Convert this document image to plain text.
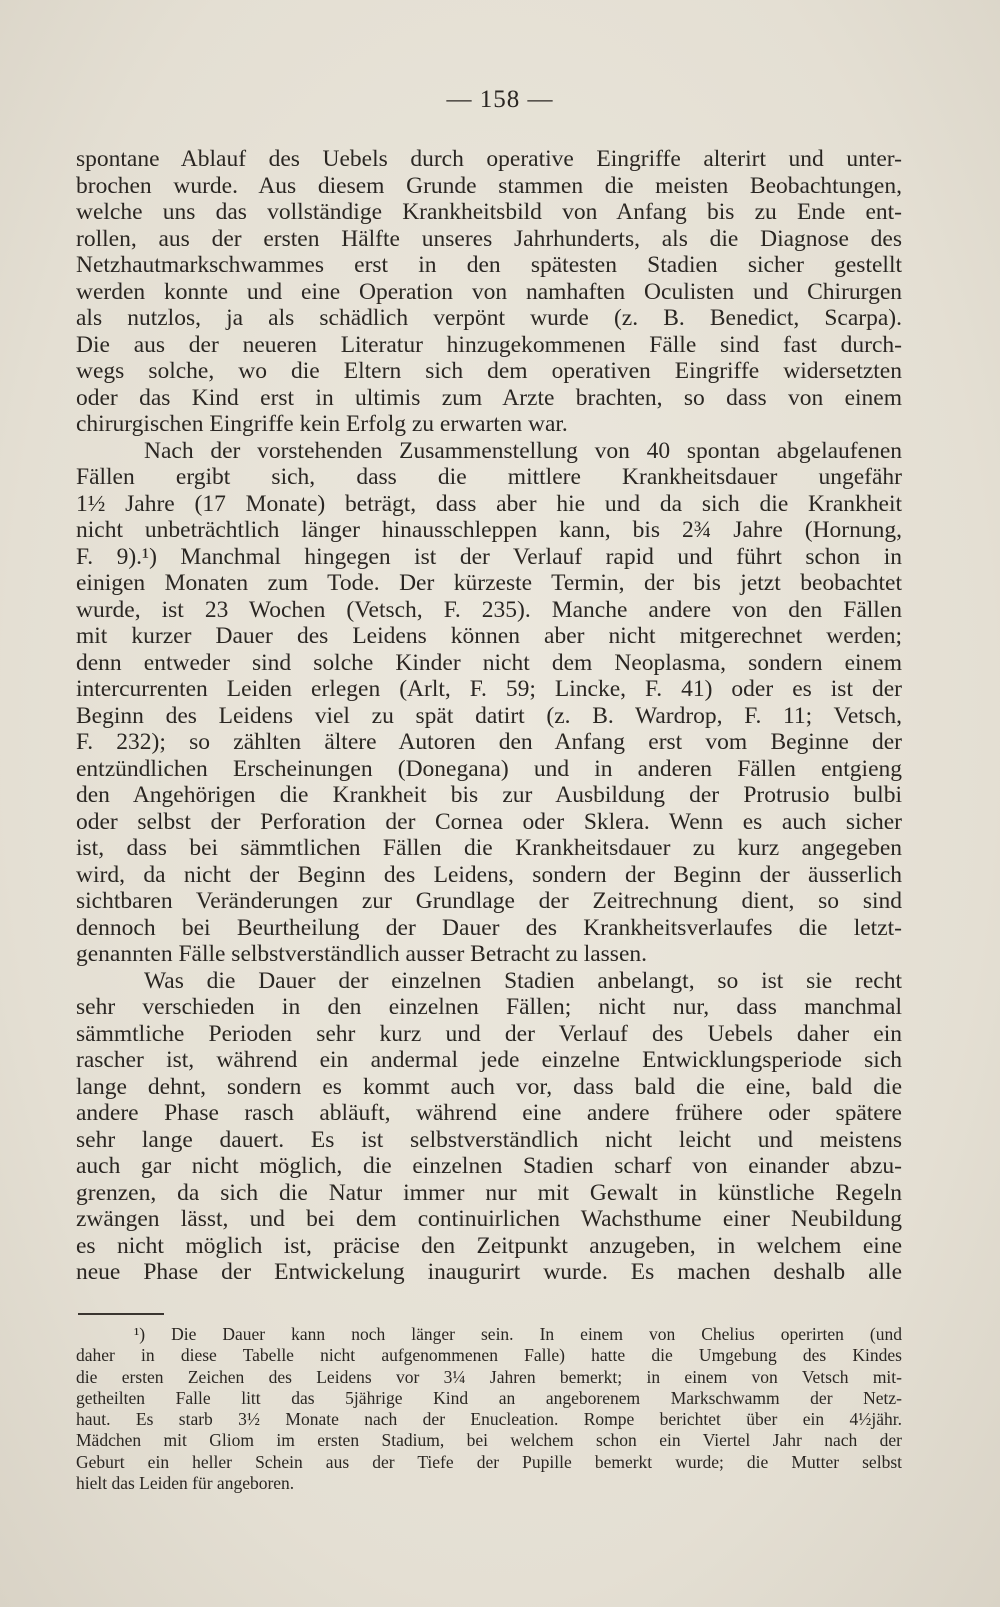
— 158 —
spontane Ablauf des Uebels durch operative Eingriffe alterirt und unter-
brochen wurde. Aus diesem Grunde stammen die meisten Beobachtungen,
welche uns das vollständige Krankheitsbild von Anfang bis zu Ende ent-
rollen, aus der ersten Hälfte unseres Jahrhunderts, als die Diagnose des
Netzhautmarkschwammes erst in den spätesten Stadien sicher gestellt
werden konnte und eine Operation von namhaften Oculisten und Chirurgen
als nutzlos, ja als schädlich verpönt wurde (z. B. Benedict, Scarpa).
Die aus der neueren Literatur hinzugekommenen Fälle sind fast durch-
wegs solche, wo die Eltern sich dem operativen Eingriffe widersetzten
oder das Kind erst in ultimis zum Arzte brachten, so dass von einem
chirurgischen Eingriffe kein Erfolg zu erwarten war.
Nach der vorstehenden Zusammenstellung von 40 spontan abgelaufenen
Fällen ergibt sich, dass die mittlere Krankheitsdauer ungefähr
1½ Jahre (17 Monate) beträgt, dass aber hie und da sich die Krankheit
nicht unbeträchtlich länger hinausschleppen kann, bis 2¾ Jahre (Hornung,
F. 9).¹) Manchmal hingegen ist der Verlauf rapid und führt schon in
einigen Monaten zum Tode. Der kürzeste Termin, der bis jetzt beobachtet
wurde, ist 23 Wochen (Vetsch, F. 235). Manche andere von den Fällen
mit kurzer Dauer des Leidens können aber nicht mitgerechnet werden;
denn entweder sind solche Kinder nicht dem Neoplasma, sondern einem
intercurrenten Leiden erlegen (Arlt, F. 59; Lincke, F. 41) oder es ist der
Beginn des Leidens viel zu spät datirt (z. B. Wardrop, F. 11; Vetsch,
F. 232); so zählten ältere Autoren den Anfang erst vom Beginne der
entzündlichen Erscheinungen (Donegana) und in anderen Fällen entgieng
den Angehörigen die Krankheit bis zur Ausbildung der Protrusio bulbi
oder selbst der Perforation der Cornea oder Sklera. Wenn es auch sicher
ist, dass bei sämmtlichen Fällen die Krankheitsdauer zu kurz angegeben
wird, da nicht der Beginn des Leidens, sondern der Beginn der äusserlich
sichtbaren Veränderungen zur Grundlage der Zeitrechnung dient, so sind
dennoch bei Beurtheilung der Dauer des Krankheitsverlaufes die letzt-
genannten Fälle selbstverständlich ausser Betracht zu lassen.
Was die Dauer der einzelnen Stadien anbelangt, so ist sie recht
sehr verschieden in den einzelnen Fällen; nicht nur, dass manchmal
sämmtliche Perioden sehr kurz und der Verlauf des Uebels daher ein
rascher ist, während ein andermal jede einzelne Entwicklungsperiode sich
lange dehnt, sondern es kommt auch vor, dass bald die eine, bald die
andere Phase rasch abläuft, während eine andere frühere oder spätere
sehr lange dauert. Es ist selbstverständlich nicht leicht und meistens
auch gar nicht möglich, die einzelnen Stadien scharf von einander abzu-
grenzen, da sich die Natur immer nur mit Gewalt in künstliche Regeln
zwängen lässt, und bei dem continuirlichen Wachsthume einer Neubildung
es nicht möglich ist, präcise den Zeitpunkt anzugeben, in welchem eine
neue Phase der Entwickelung inaugurirt wurde. Es machen deshalb alle
¹) Die Dauer kann noch länger sein. In einem von Chelius operirten (und
daher in diese Tabelle nicht aufgenommenen Falle) hatte die Umgebung des Kindes
die ersten Zeichen des Leidens vor 3¼ Jahren bemerkt; in einem von Vetsch mit-
getheilten Falle litt das 5jährige Kind an angeborenem Markschwamm der Netz-
haut. Es starb 3½ Monate nach der Enucleation. Rompe berichtet über ein 4½jähr.
Mädchen mit Gliom im ersten Stadium, bei welchem schon ein Viertel Jahr nach der
Geburt ein heller Schein aus der Tiefe der Pupille bemerkt wurde; die Mutter selbst
hielt das Leiden für angeboren.
